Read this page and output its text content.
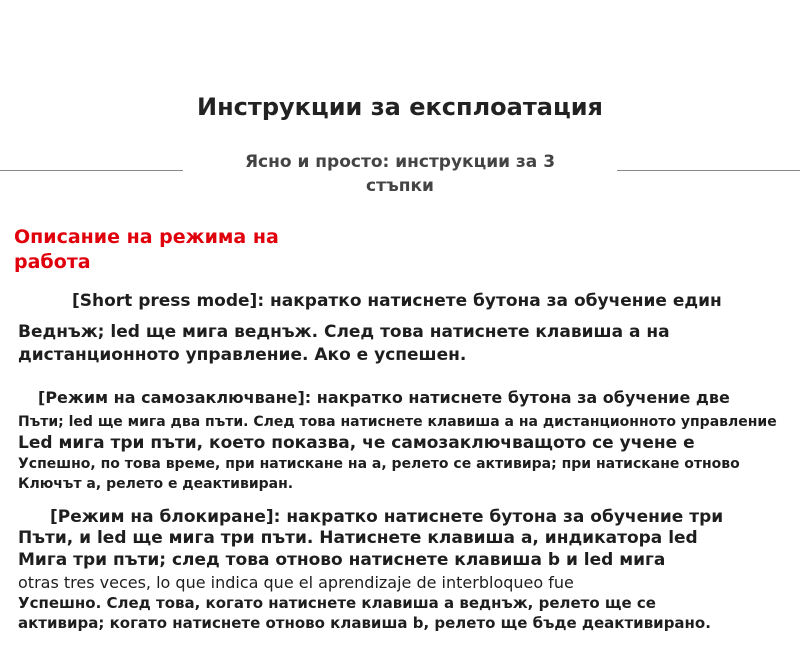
Инструкции за експлоатация
Ясно и просто: инструкции за 3 стъпки
Описание на режима на работа
[Short press mode]: накратко натиснете бутона за обучение един
Веднъж; led ще мига веднъж. След това натиснете клавиша а на
дистанционното управление. Ако е успешен.
[Режим на самозаключване]: накратко натиснете бутона за обучение две
Пъти; led ще мига два пъти. След това натиснете клавиша а на дистанционното управление
Led мига три пъти, което показва, че самозаключващото се учене е
Успешно, по това време, при натискане на а, релето се активира; при натискане отново
Ключът а, релето е деактивиран.
[Режим на блокиране]: накратко натиснете бутона за обучение три
Пъти, и led ще мига три пъти. Натиснете клавиша а, индикатора led
Мига три пъти; след това отново натиснете клавиша b и led мига
otras tres veces, lo que indica que el aprendizaje de interbloqueo fue
Успешно. След това, когато натиснете клавиша а веднъж, релето ще се
активира; когато натиснете отново клавиша b, релето ще бъде деактивирано.
